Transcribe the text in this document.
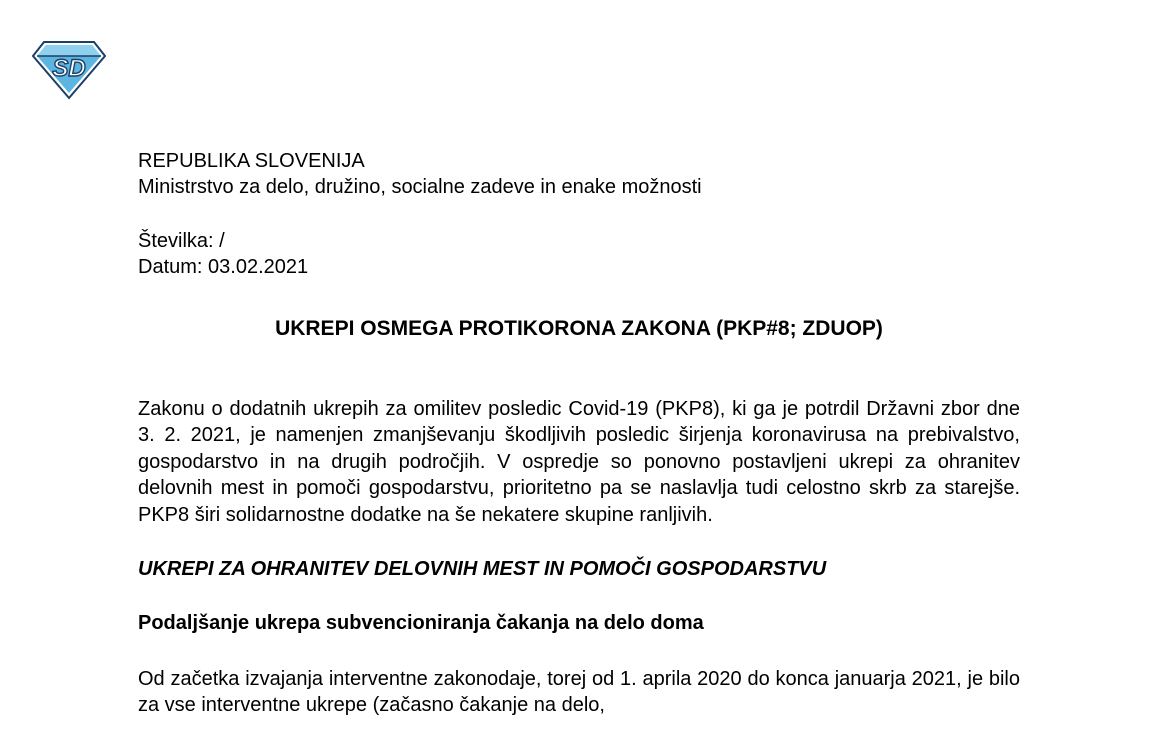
SD
REPUBLIKA SLOVENIJA
Ministrstvo za delo, družino, socialne zadeve in enake možnosti
Številka: /
Datum: 03.02.2021
UKREPI OSMEGA PROTIKORONA ZAKONA (PKP#8; ZDUOP)

Zakonu o dodatnih ukrepih za omilitev posledic Covid-19 (PKP8), ki ga je potrdil Državni zbor dne 3. 2. 2021, je namenjen zmanjševanju škodljivih posledic širjenja koronavirusa na prebivalstvo, gospodarstvo in na drugih področjih. V ospredje so ponovno postavljeni ukrepi za ohranitev delovnih mest in pomoči gospodarstvu, prioritetno pa se naslavlja tudi celostno skrb za starejše. PKP8 širi solidarnostne dodatke na še nekatere skupine ranljivih.

UKREPI ZA OHRANITEV DELOVNIH MEST IN POMOČI GOSPODARSTVU
Podaljšanje ukrepa subvencioniranja čakanja na delo doma

Od začetka izvajanja interventne zakonodaje, torej od 1. aprila 2020 do konca januarja 2021, je bilo za vse interventne ukrepe (začasno čakanje na delo,
